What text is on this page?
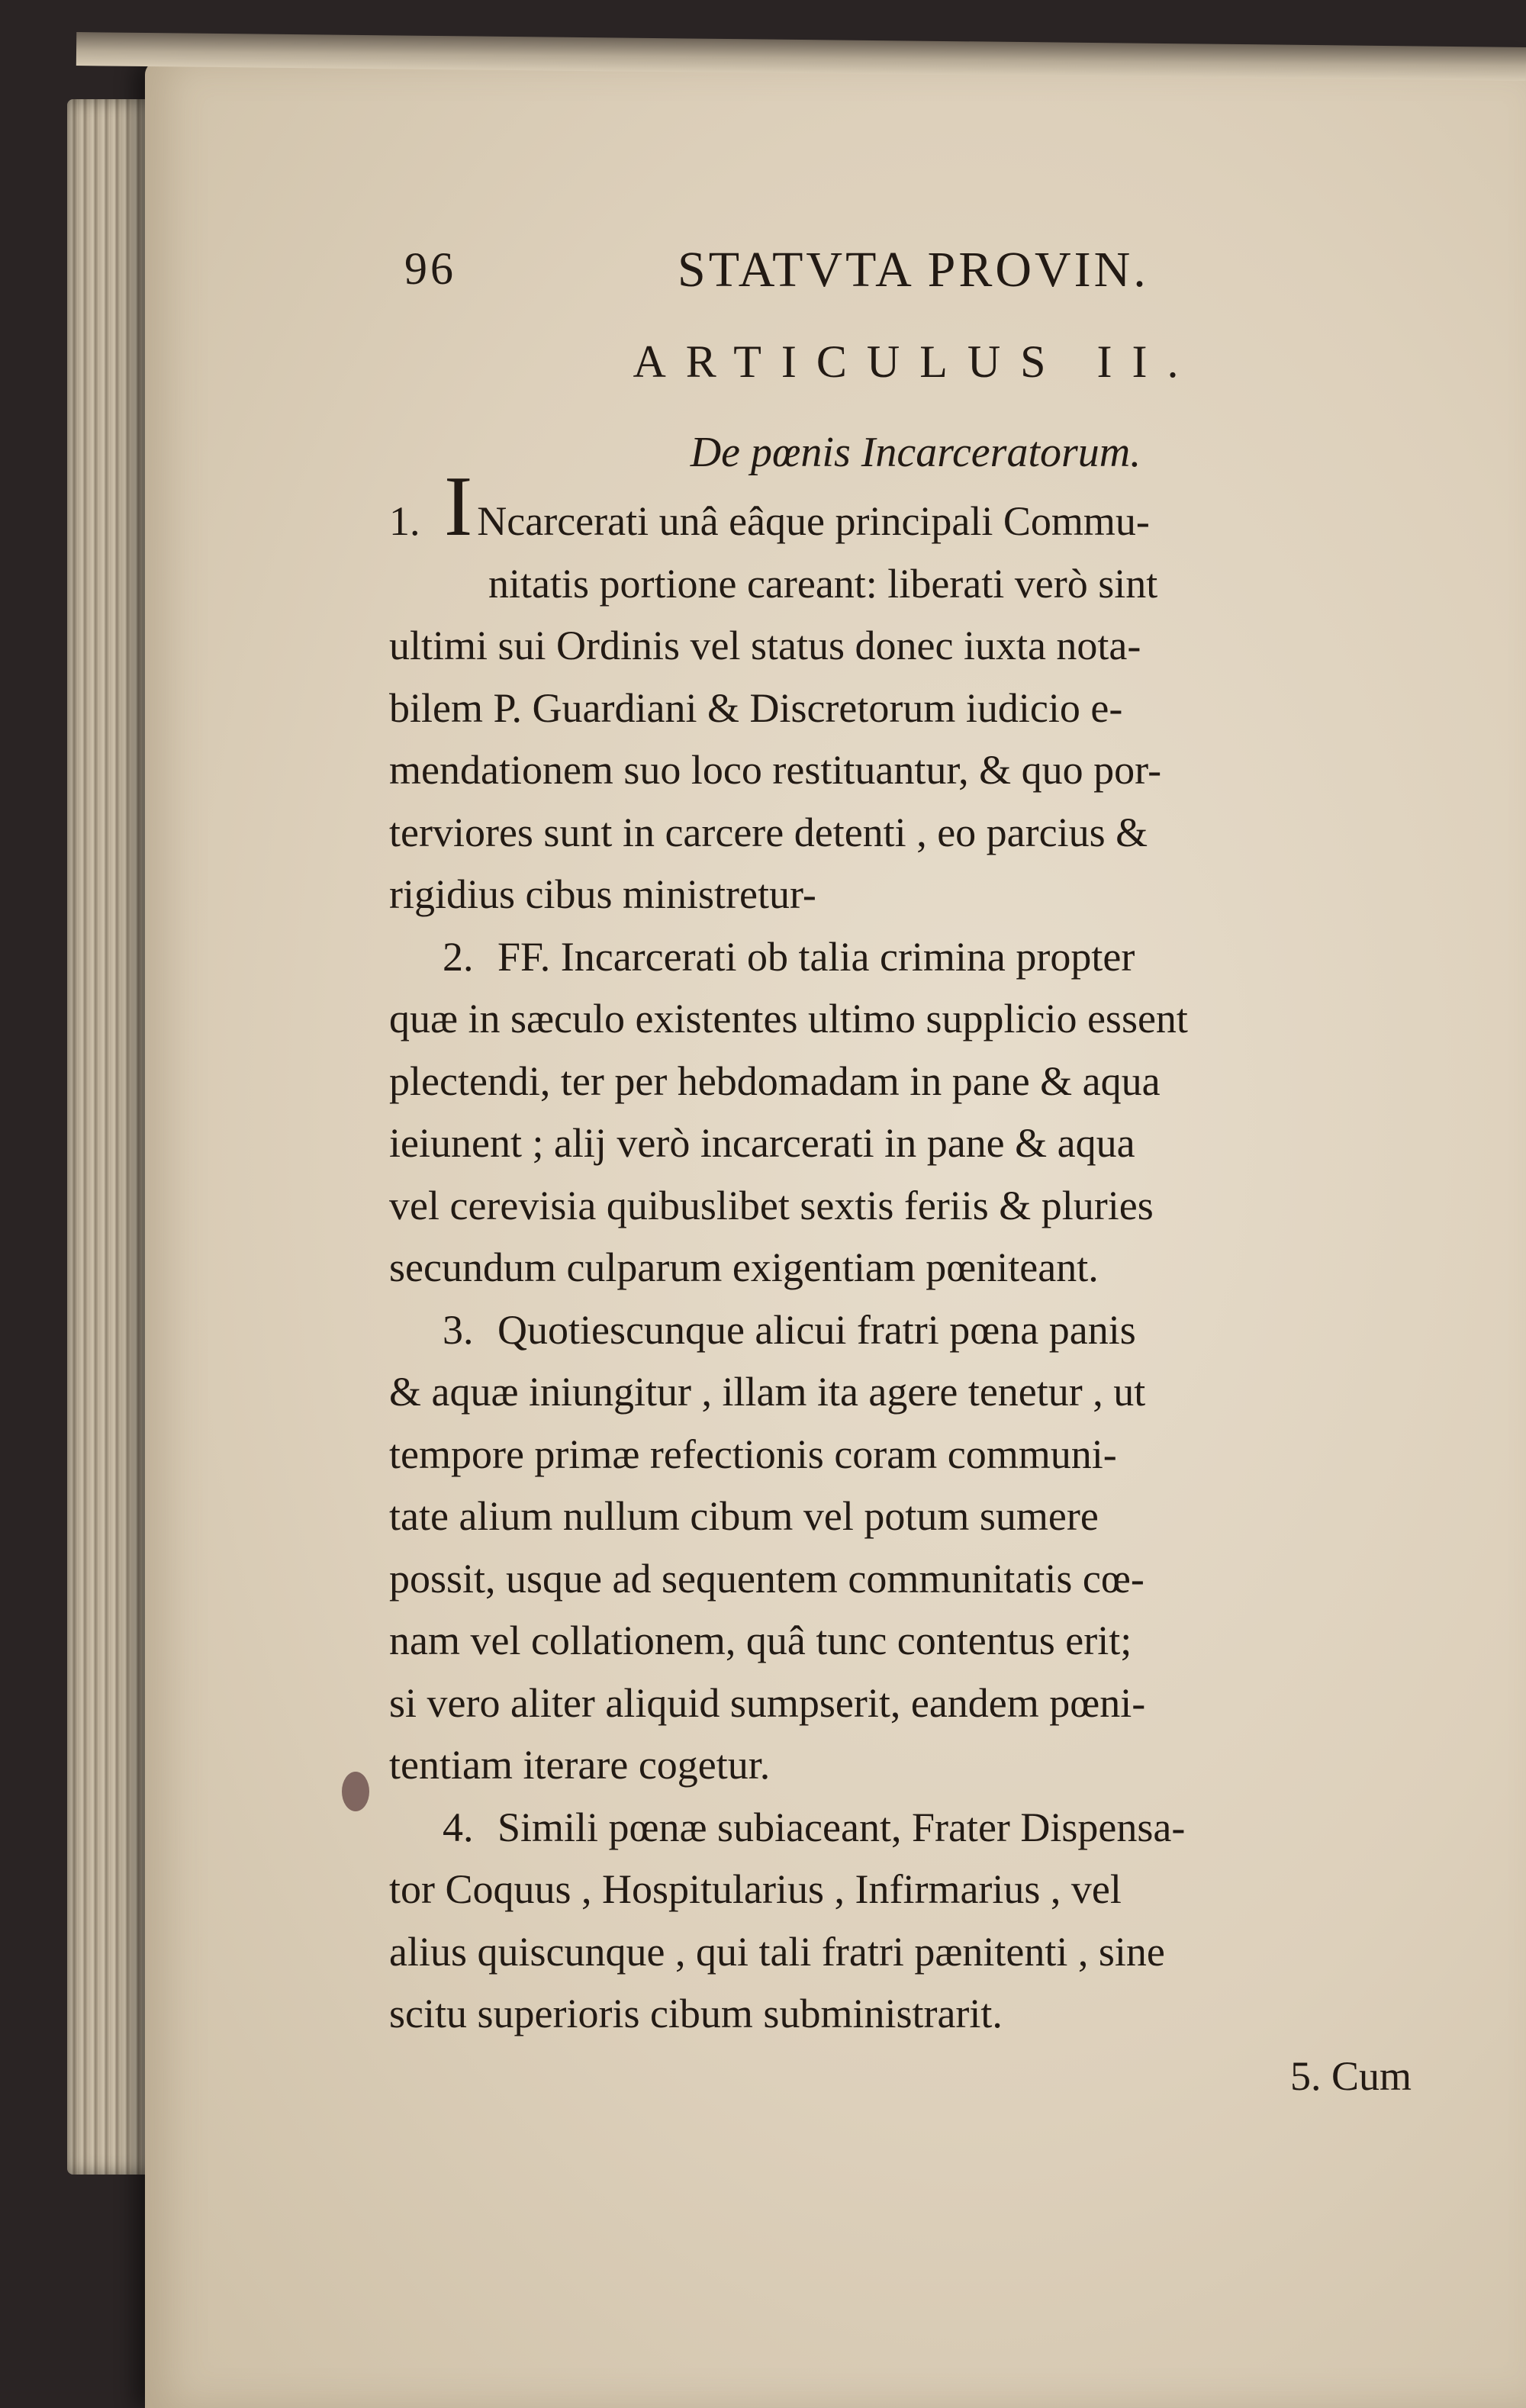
96	STATVTA PROVIN.
ARTICULUS II.
De pœnis Incarceratorum.
1. I Ncarcerati unâ eâque principali Commu-
nitatis portione careant: liberati verò sint
ultimi sui Ordinis vel status donec iuxta nota-
bilem P. Guardiani & Discretorum iudicio e-
mendationem suo loco restituantur, & quo por-
terviores sunt in carcere detenti , eo parcius &
rigidius cibus ministretur-
2. FF. Incarcerati ob talia crimina propter
quæ in sæculo existentes ultimo supplicio essent
plectendi, ter per hebdomadam in pane & aqua
ieiunent ; alij verò incarcerati in pane & aqua
vel cerevisia quibuslibet sextis feriis & pluries
secundum culparum exigentiam pœniteant.
3. Quotiescunque alicui fratri pœna panis
& aquæ iniungitur , illam ita agere tenetur , ut
tempore primæ refectionis coram communi-
tate alium nullum cibum vel potum sumere
possit, usque ad sequentem communitatis cœ-
nam vel collationem, quâ tunc contentus erit;
si vero aliter aliquid sumpserit, eandem pœni-
tentiam iterare cogetur.
4. Simili pœnæ subiaceant, Frater Dispensa-
tor Coquus , Hospitularius , Infirmarius , vel
alius quiscunque , qui tali fratri pænitenti , sine
scitu superioris cibum subministrarit.
5. Cum
